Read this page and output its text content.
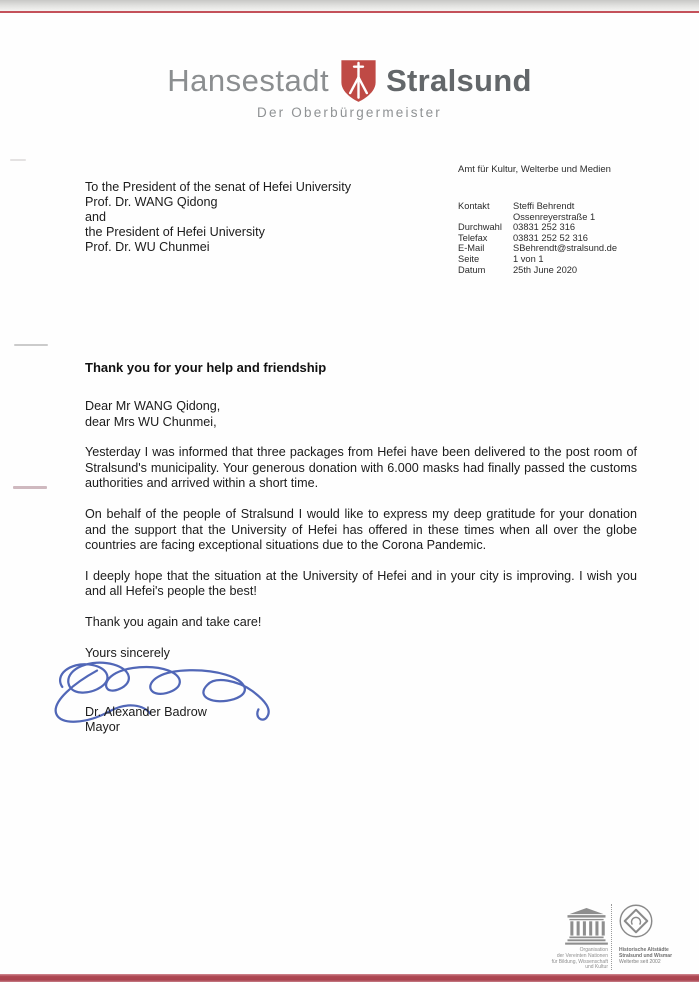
Hansestadt Stralsund
Der Oberbürgermeister
Amt für Kultur, Welterbe und Medien
Kontakt	Steffi Behrendt
Ossenreyerstraße 1
Durchwahl	03831 252 316
Telefax	03831 252 52 316
E-Mail	SBehrendt@stralsund.de
Seite	1 von 1
Datum	25th June 2020
To the President of the senat of Hefei University
Prof. Dr. WANG Qidong
and
the President of Hefei University
Prof. Dr. WU Chunmei
Thank you for your help and friendship
Dear Mr WANG Qidong,
dear Mrs WU Chunmei,

Yesterday I was informed that three packages from Hefei have been delivered to the post room of Stralsund's municipality. Your generous donation with 6.000 masks had finally passed the customs authorities and arrived within a short time.

On behalf of the people of Stralsund I would like to express my deep gratitude for your donation and the support that the University of Hefei has offered in these times when all over the globe countries are facing exceptional situations due to the Corona Pandemic.

I deeply hope that the situation at the University of Hefei and in your city is improving. I wish you and all Hefei's people the best!

Thank you again and take care!

Yours sincerely
Dr. Alexander Badrow
Mayor
Organisation
der Vereinten Nationen
für Bildung, Wissenschaft
und Kultur
Historische Altstädte
Stralsund und Wismar
Welterbe seit 2002
